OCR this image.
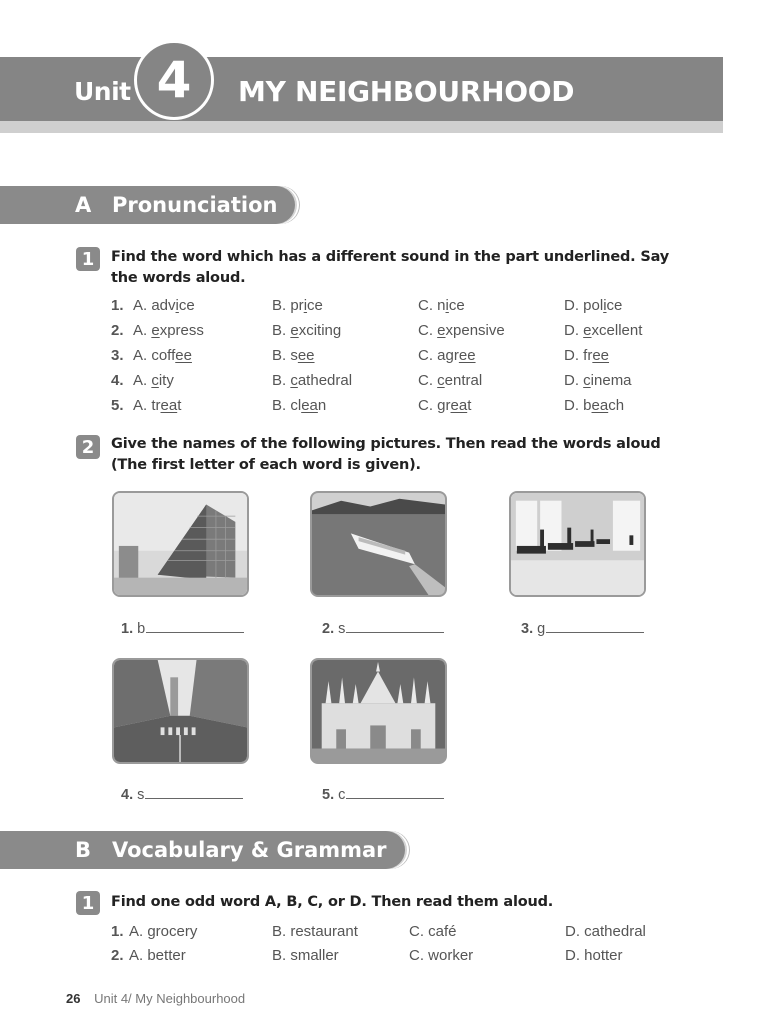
Unit 4 MY NEIGHBOURHOOD
A Pronunciation
1	Find the word which has a different sound in the part underlined. Say the words aloud.
1. A. advice	B. price	C. nice	D. police
2. A. express	B. exciting	C. expensive	D. excellent
3. A. coffee	B. see	C. agree	D. free
4. A. city	B. cathedral	C. central	D. cinema
5. A. treat	B. clean	C. great	D. beach
2	Give the names of the following pictures. Then read the words aloud (The first letter of each word is given).
1. b	2. s	3. g
4. s	5. c
B Vocabulary & Grammar
1	Find one odd word A, B, C, or D. Then read them aloud.
1. A. grocery	B. restaurant	C. café	D. cathedral
2. A. better	B. smaller	C. worker	D. hotter
26 Unit 4/ My Neighbourhood
